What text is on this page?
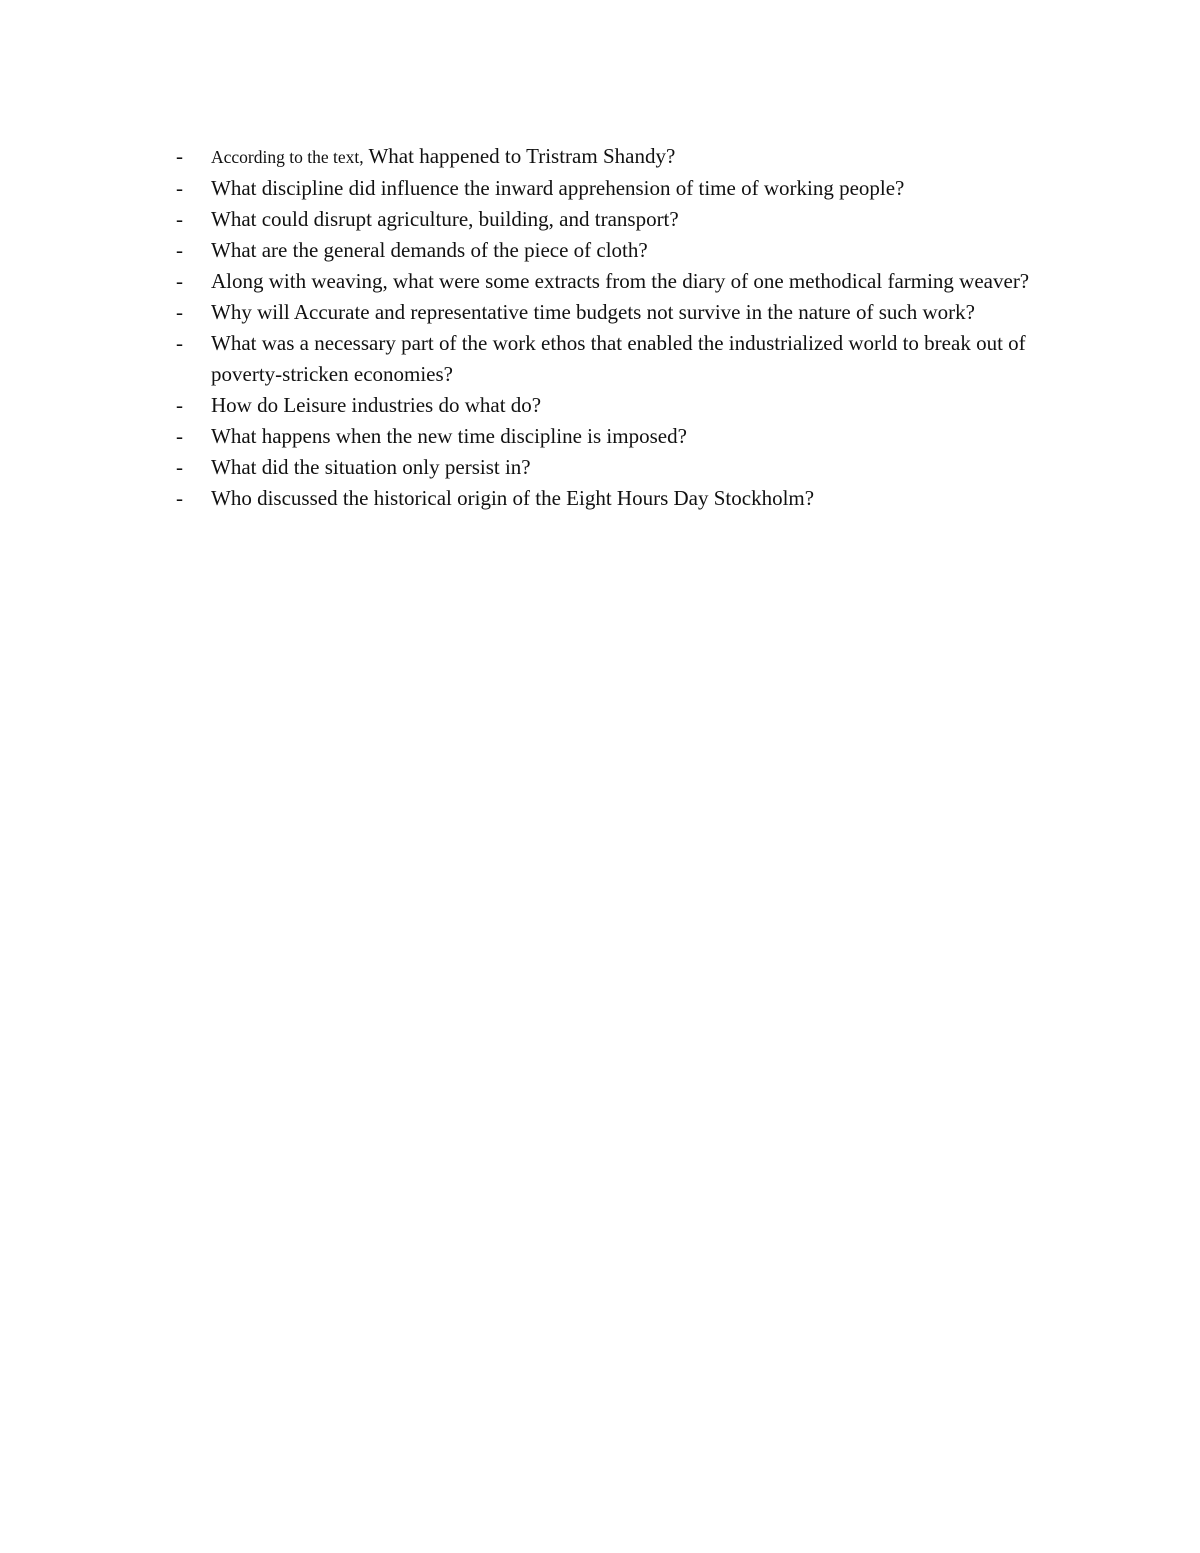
-	According to the text, What happened to Tristram Shandy?
-	What discipline did influence the inward apprehension of time of working people?
-	What could disrupt agriculture, building, and transport?
-	What are the general demands of the piece of cloth?
-	Along with weaving, what were some extracts from the diary of one methodical farming weaver?
-	Why will Accurate and representative time budgets not survive in the nature of such work?
-	What was a necessary part of the work ethos that enabled the industrialized world to break out of poverty-stricken economies?
-	How do Leisure industries do what do?
-	What happens when the new time discipline is imposed?
-	What did the situation only persist in?
-	Who discussed the historical origin of the Eight Hours Day Stockholm?
